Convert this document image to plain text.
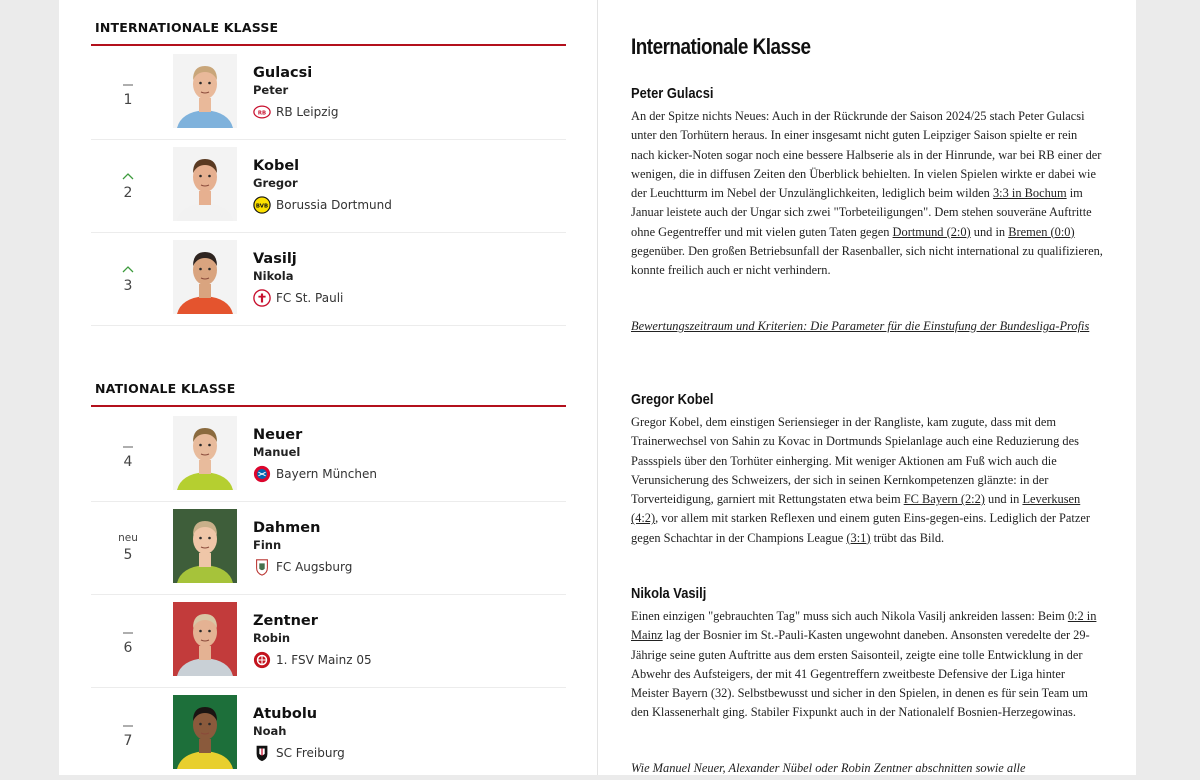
INTERNATIONALE KLASSE
1
Gulacsi
Peter
RB RB Leipzig
2
Kobel
Gregor
BVB Borussia Dortmund
3
Vasilj
Nikola
FC St. Pauli
NATIONALE KLASSE
4
Neuer
Manuel
Bayern München
neu
5
Dahmen
Finn
FC Augsburg
6
Zentner
Robin
1. FSV Mainz 05
7
Atubolu
Noah
SC Freiburg
Internationale Klasse
Peter Gulacsi

An der Spitze nichts Neues: Auch in der Rückrunde der Saison 2024/25 stach Peter Gulacsi unter den Torhütern heraus. In einer insgesamt nicht guten Leipziger Saison spielte er rein nach kicker-Noten sogar noch eine bessere Halbserie als in der Hinrunde, war bei RB einer der wenigen, die in diffusen Zeiten den Überblick behielten. In vielen Spielen wirkte er dabei wie der Leuchtturm im Nebel der Unzulänglichkeiten, lediglich beim wilden 3:3 in Bochum im Januar leistete auch der Ungar sich zwei "Torbeteiligungen". Dem stehen souveräne Auftritte ohne Gegentreffer und mit vielen guten Taten gegen Dortmund (2:0) und in Bremen (0:0) gegenüber. Den großen Betriebsunfall der Rasenballer, sich nicht international zu qualifizieren, konnte freilich auch er nicht verhindern.

Bewertungszeitraum und Kriterien: Die Parameter für die Einstufung der Bundesliga-Profis

Gregor Kobel

Gregor Kobel, dem einstigen Seriensieger in der Rangliste, kam zugute, dass mit dem Trainerwechsel von Sahin zu Kovac in Dortmunds Spielanlage auch eine Reduzierung des Passspiels über den Torhüter einherging. Mit weniger Aktionen am Fuß wich auch die Verunsicherung des Schweizers, der sich in seinen Kernkompetenzen glänzte: in der Torverteidigung, garniert mit Rettungstaten etwa beim FC Bayern (2:2) und in Leverkusen (4:2), vor allem mit starken Reflexen und einem guten Eins-gegen-eins. Lediglich der Patzer gegen Schachtar in der Champions League (3:1) trübt das Bild.

Nikola Vasilj

Einen einzigen "gebrauchten Tag" muss sich auch Nikola Vasilj ankreiden lassen: Beim 0:2 in Mainz lag der Bosnier im St.-Pauli-Kasten ungewohnt daneben. Ansonsten veredelte der 29-Jährige seine guten Auftritte aus dem ersten Saisonteil, zeigte eine tolle Entwicklung in der Abwehr des Aufsteigers, der mit 41 Gegentreffern zweitbeste Defensive der Liga hinter Meister Bayern (32). Selbstbewusst und sicher in den Spielen, in denen es für sein Team um den Klassenerhalt ging. Stabiler Fixpunkt auch in der Nationalelf Bosnien-Herzegowinas.

Wie Manuel Neuer, Alexander Nübel oder Robin Zentner abschnitten sowie alle
